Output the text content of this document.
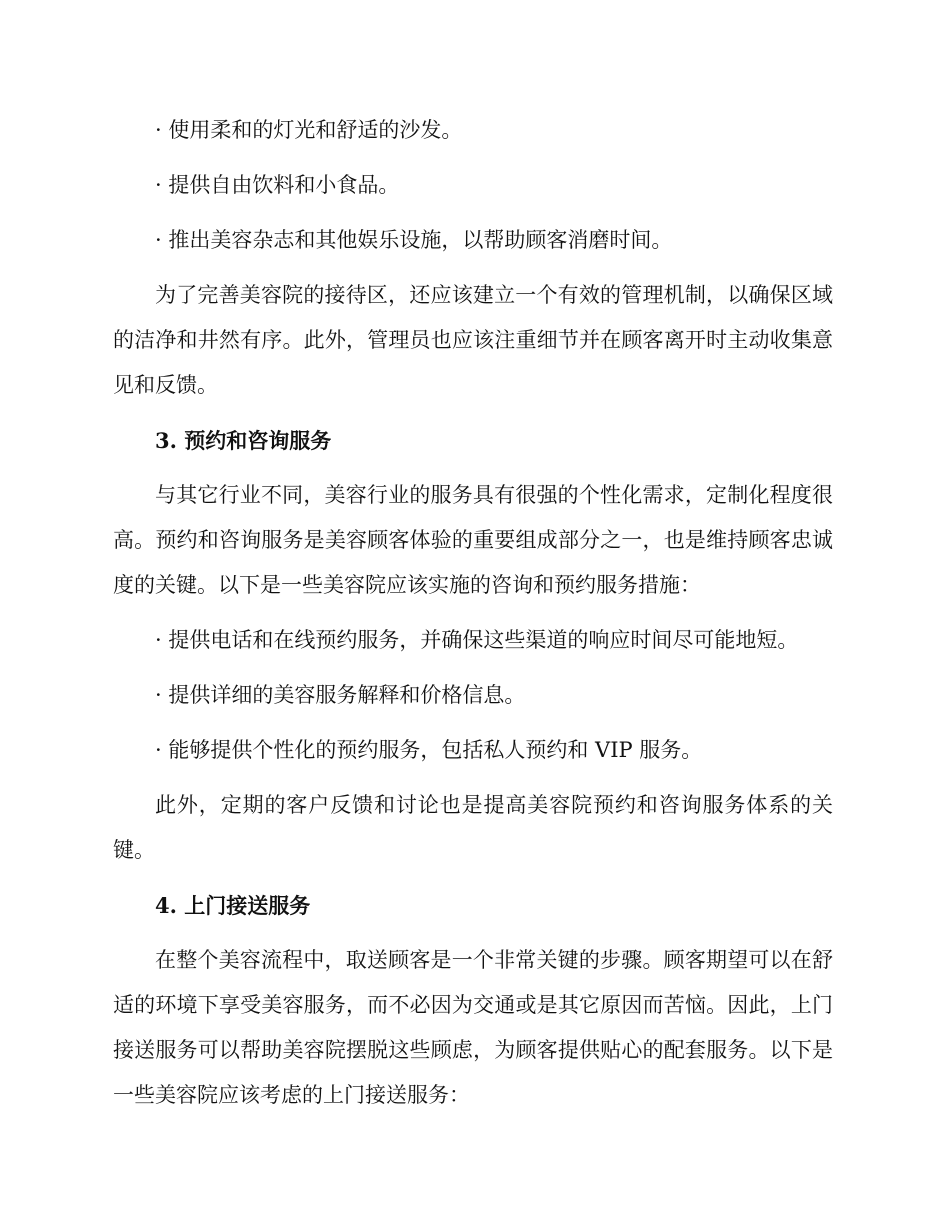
· 使用柔和的灯光和舒适的沙发。
· 提供自由饮料和小食品。
· 推出美容杂志和其他娱乐设施，以帮助顾客消磨时间。
为了完善美容院的接待区，还应该建立一个有效的管理机制，以确保区域的洁净和井然有序。此外，管理员也应该注重细节并在顾客离开时主动收集意见和反馈。
3. 预约和咨询服务
与其它行业不同，美容行业的服务具有很强的个性化需求，定制化程度很高。预约和咨询服务是美容顾客体验的重要组成部分之一，也是维持顾客忠诚度的关键。以下是一些美容院应该实施的咨询和预约服务措施：
· 提供电话和在线预约服务，并确保这些渠道的响应时间尽可能地短。
· 提供详细的美容服务解释和价格信息。
· 能够提供个性化的预约服务，包括私人预约和 VIP 服务。
此外，定期的客户反馈和讨论也是提高美容院预约和咨询服务体系的关键。
4. 上门接送服务
在整个美容流程中，取送顾客是一个非常关键的步骤。顾客期望可以在舒适的环境下享受美容服务，而不必因为交通或是其它原因而苦恼。因此，上门接送服务可以帮助美容院摆脱这些顾虑，为顾客提供贴心的配套服务。以下是一些美容院应该考虑的上门接送服务：
